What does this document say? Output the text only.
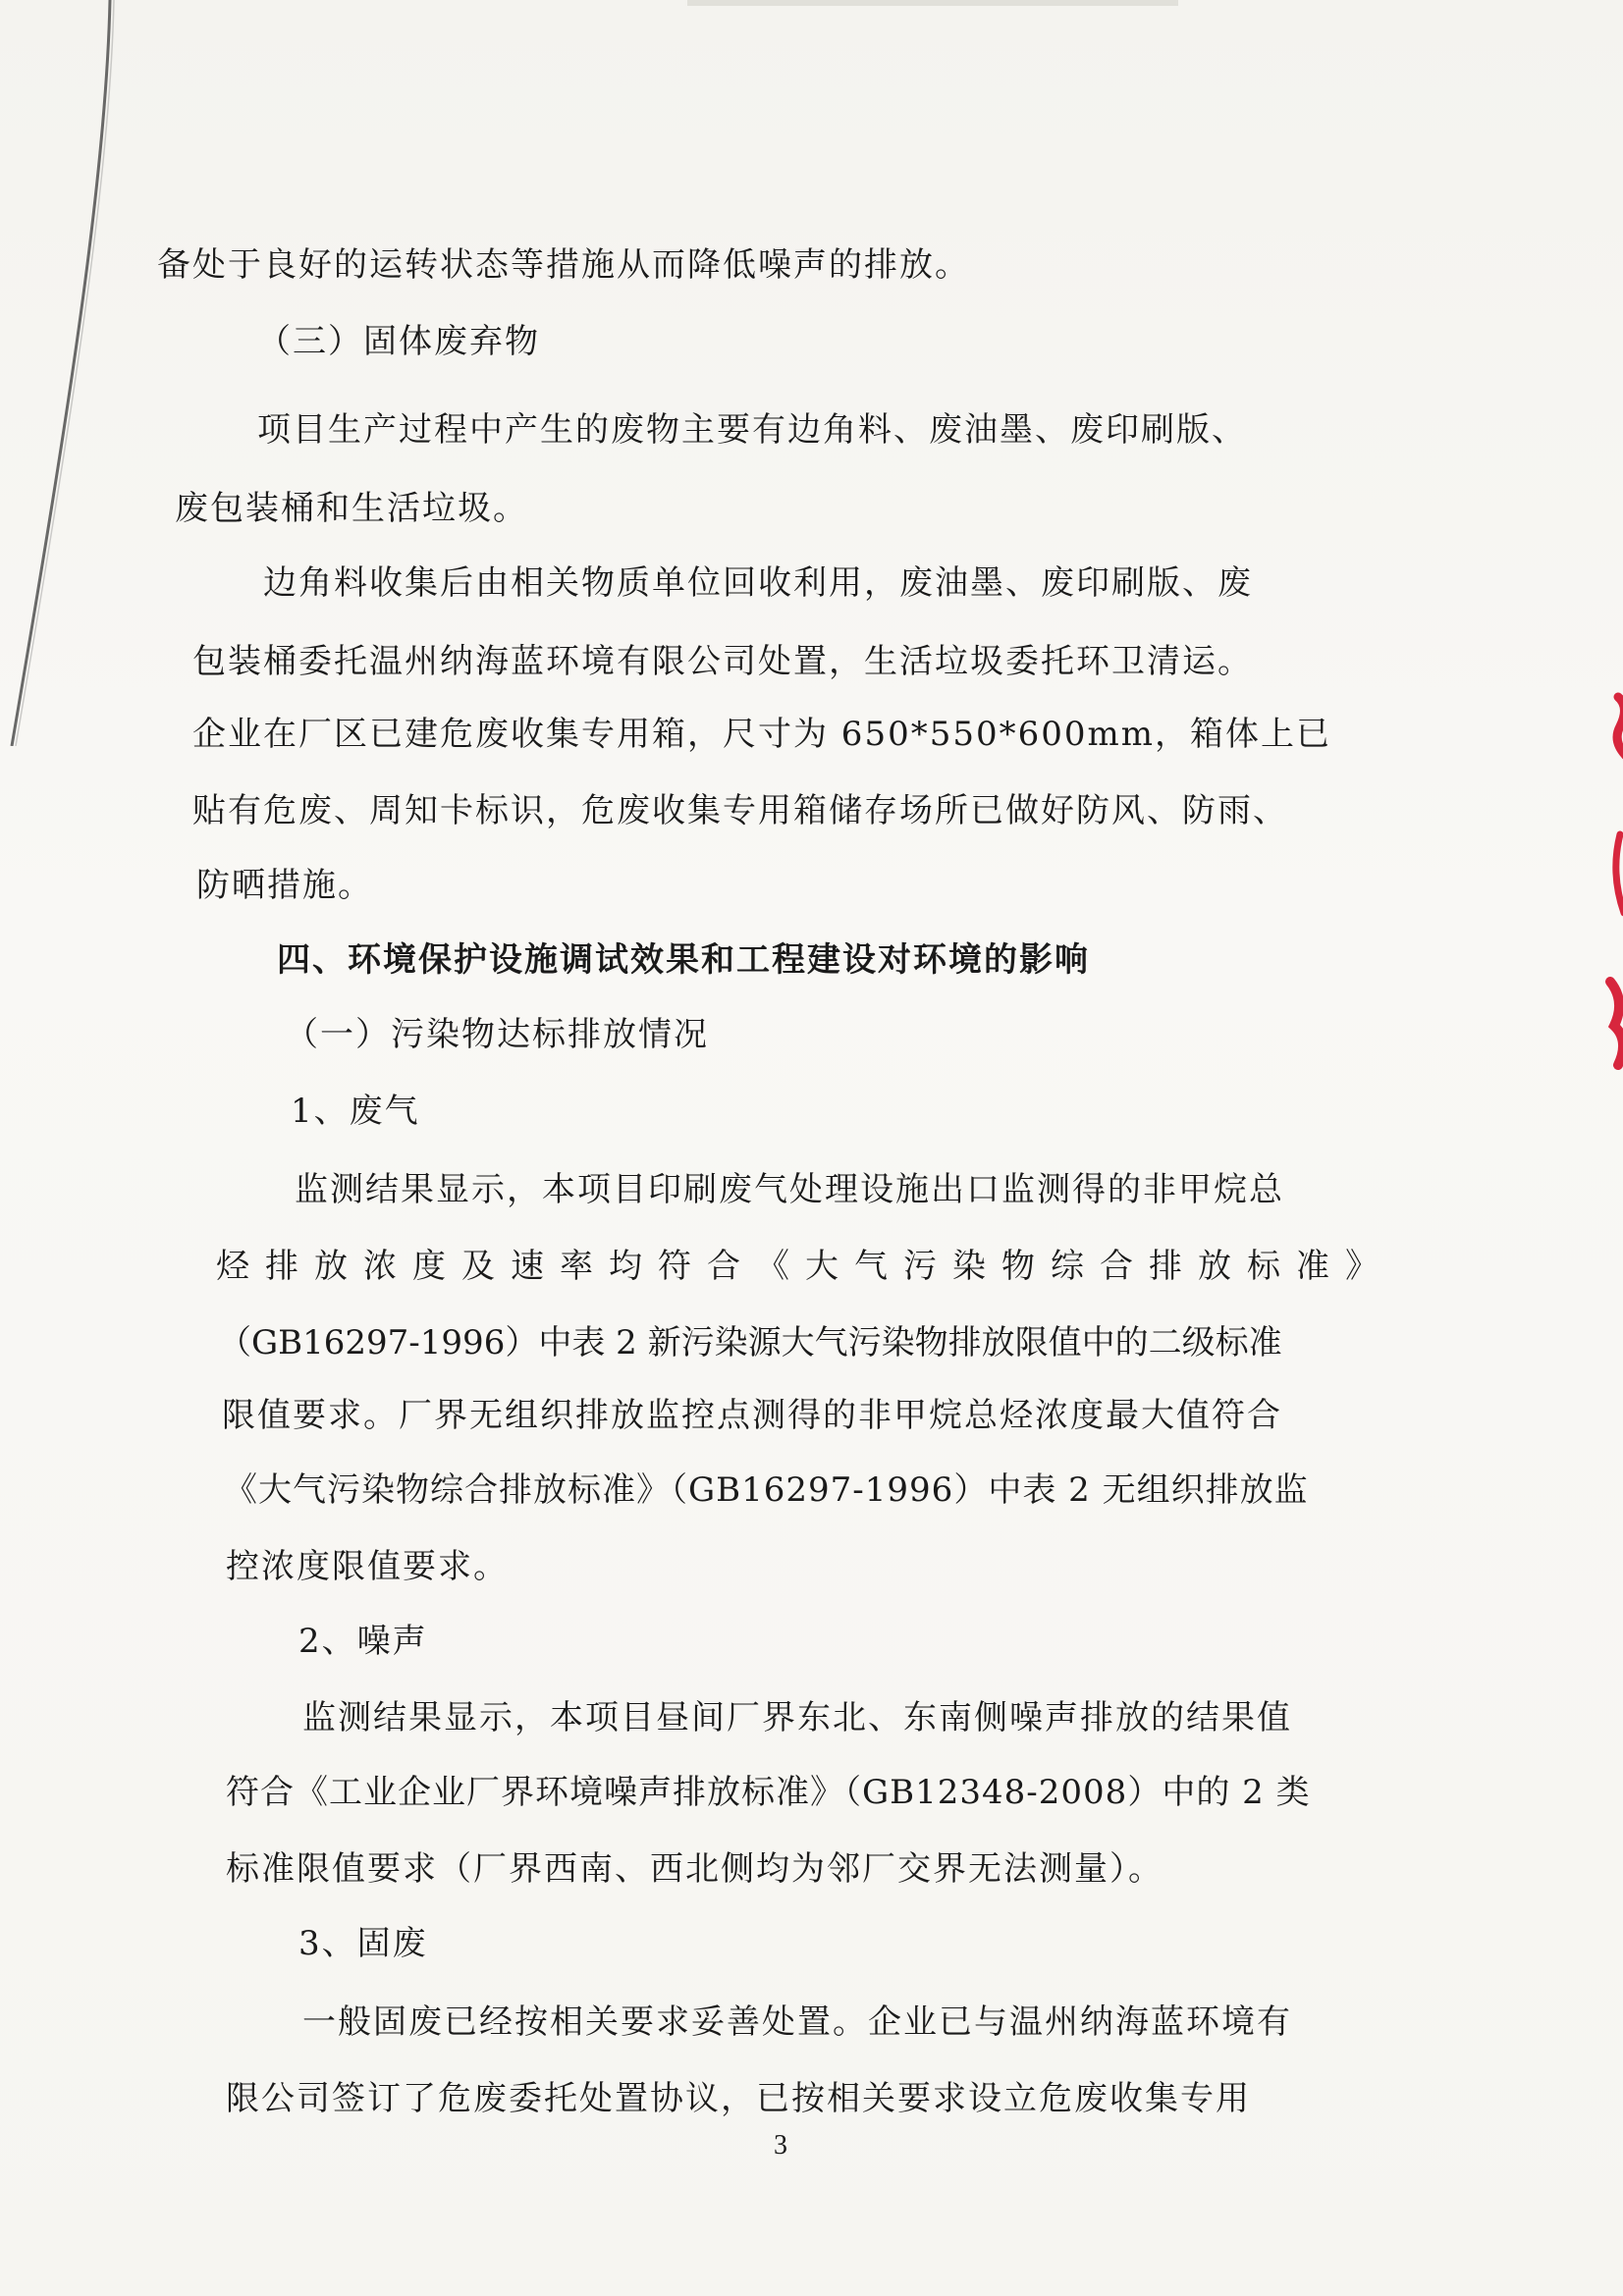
备处于良好的运转状态等措施从而降低噪声的排放。
（三）固体废弃物
项目生产过程中产生的废物主要有边角料、废油墨、废印刷版、
废包装桶和生活垃圾。
边角料收集后由相关物质单位回收利用，废油墨、废印刷版、废
包装桶委托温州纳海蓝环境有限公司处置，生活垃圾委托环卫清运。
企业在厂区已建危废收集专用箱，尺寸为 650*550*600mm，箱体上已
贴有危废、周知卡标识，危废收集专用箱储存场所已做好防风、防雨、
防晒措施。
四、环境保护设施调试效果和工程建设对环境的影响
（一）污染物达标排放情况
1、废气
监测结果显示，本项目印刷废气处理设施出口监测得的非甲烷总
烃排放浓度及速率均符合《大气污染物综合排放标准》
（GB16297-1996）中表 2 新污染源大气污染物排放限值中的二级标准
限值要求。厂界无组织排放监控点测得的非甲烷总烃浓度最大值符合
《大气污染物综合排放标准》（GB16297-1996）中表 2 无组织排放监
控浓度限值要求。
2、噪声
监测结果显示，本项目昼间厂界东北、东南侧噪声排放的结果值
符合《工业企业厂界环境噪声排放标准》（GB12348-2008）中的 2 类
标准限值要求（厂界西南、西北侧均为邻厂交界无法测量）。
3、固废
一般固废已经按相关要求妥善处置。企业已与温州纳海蓝环境有
限公司签订了危废委托处置协议，已按相关要求设立危废收集专用
3
